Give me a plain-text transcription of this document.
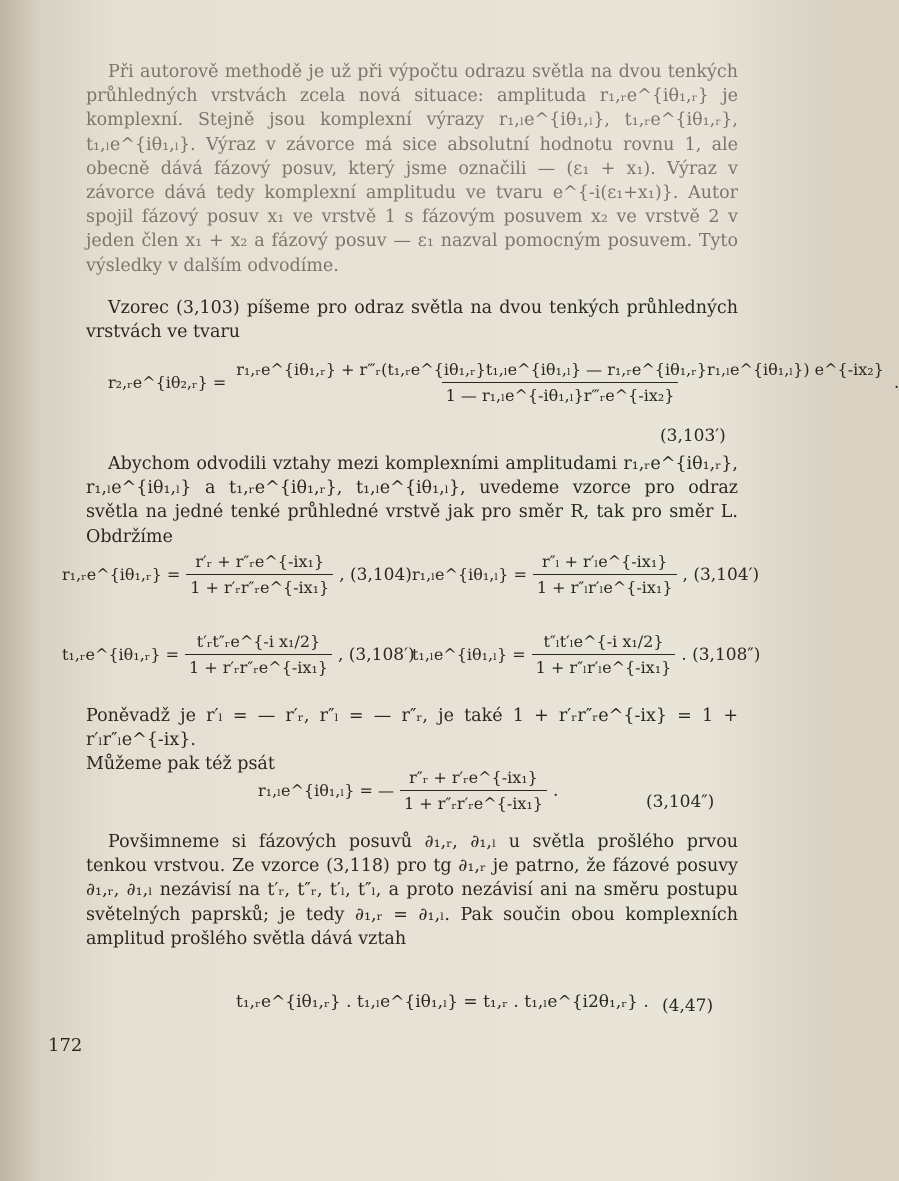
Při autorově methodě je už při výpočtu odrazu světla na dvou tenkých průhledných vrstvách zcela nová situace: amplituda r₁,ᵣe^{iθ₁,ᵣ} je komplexní. Stejně jsou komplexní výrazy r₁,ₗe^{iθ₁,ₗ}, t₁,ᵣe^{iθ₁,ᵣ}, t₁,ₗe^{iθ₁,ₗ}. Výraz v závorce má sice absolutní hodnotu rovnu 1, ale obecně dává fázový posuv, který jsme označili — (ε₁ + x₁). Výraz v závorce dává tedy komplexní amplitudu ve tvaru e^{-i(ε₁+x₁)}. Autor spojil fázový posuv x₁ ve vrstvě 1 s fázovým posuvem x₂ ve vrstvě 2 v jeden člen x₁ + x₂ a fázový posuv — ε₁ nazval pomocným posuvem. Tyto výsledky v dalším odvodíme.

Vzorec (3,103) píšeme pro odraz světla na dvou tenkých průhledných vrstvách ve tvaru

r₂,ᵣe^{iθ₂,ᵣ} =
r₁,ᵣe^{iθ₁,ᵣ} + r‴ᵣ(t₁,ᵣe^{iθ₁,ᵣ}t₁,ₗe^{iθ₁,ₗ} — r₁,ᵣe^{iθ₁,ᵣ}r₁,ₗe^{iθ₁,ₗ}) e^{-ix₂}
1 — r₁,ₗe^{-iθ₁,ₗ}r‴ᵣe^{-ix₂}
.
(3,103′)

Abychom odvodili vztahy mezi komplexními amplitudami r₁,ᵣe^{iθ₁,ᵣ}, r₁,ₗe^{iθ₁,ₗ} a t₁,ᵣe^{iθ₁,ᵣ}, t₁,ₗe^{iθ₁,ₗ}, uvedeme vzorce pro odraz světla na jedné tenké průhledné vrstvě jak pro směr R, tak pro směr L. Obdržíme

r₁,ᵣe^{iθ₁,ᵣ} = $\frac{\text{r′ᵣ + r″ᵣe\textasciicircum{}\{-ix₁\}}}{\text{1 + r′ᵣr″ᵣe\textasciicircum{}\{-ix₁\}}}$ , (3,104) r₁,ₗe^{iθ₁,ₗ} = $\frac{\text{r″ₗ + r′ₗe\textasciicircum{}\{-ix₁\}}}{\text{1 + r″ₗr′ₗe\textasciicircum{}\{-ix₁\}}}$ , (3,104′)
t₁,ᵣe^{iθ₁,ᵣ} = $\frac{\text{t′ᵣt″ᵣe\textasciicircum{}\{-i x₁/2\}}}{\text{1 + r′ᵣr″ᵣe\textasciicircum{}\{-ix₁\}}}$ , (3,108′)
t₁,ₗe^{iθ₁,ₗ} = $\frac{\text{t″ₗt′ₗe\textasciicircum{}\{-i x₁/2\}}}{\text{1 + r″ₗr′ₗe\textasciicircum{}\{-ix₁\}}}$ . (3,108″)

Poněvadž je r′ₗ = — r′ᵣ, r″ₗ = — r″ᵣ, je také 1 + r′ᵣr″ᵣe^{-ix} = 1 + r′ₗr″ₗe^{-ix}.

Můžeme pak též psát

r₁,ₗe^{iθ₁,ₗ} = — $\frac{\text{r″ᵣ + r′ᵣe\textasciicircum{}\{-ix₁\}}}{\text{1 + r″ᵣr′ᵣe\textasciicircum{}\{-ix₁\}}}$ .
(3,104″)

Povšimneme si fázových posuvů ∂₁,ᵣ, ∂₁,ₗ u světla prošlého prvou tenkou vrstvou. Ze vzorce (3,118) pro tg ∂₁,ᵣ je patrno, že fázové posuvy ∂₁,ᵣ, ∂₁,ₗ nezávisí na t′ᵣ, t″ᵣ, t′ₗ, t″ₗ, a proto nezávisí ani na směru postupu světelných paprsků; je tedy ∂₁,ᵣ = ∂₁,ₗ. Pak součin obou komplexních amplitud prošlého světla dává vztah

t₁,ᵣe^{iθ₁,ᵣ} . t₁,ₗe^{iθ₁,ₗ} = t₁,ᵣ . t₁,ₗe^{i2θ₁,ᵣ} . (4,47)
172
